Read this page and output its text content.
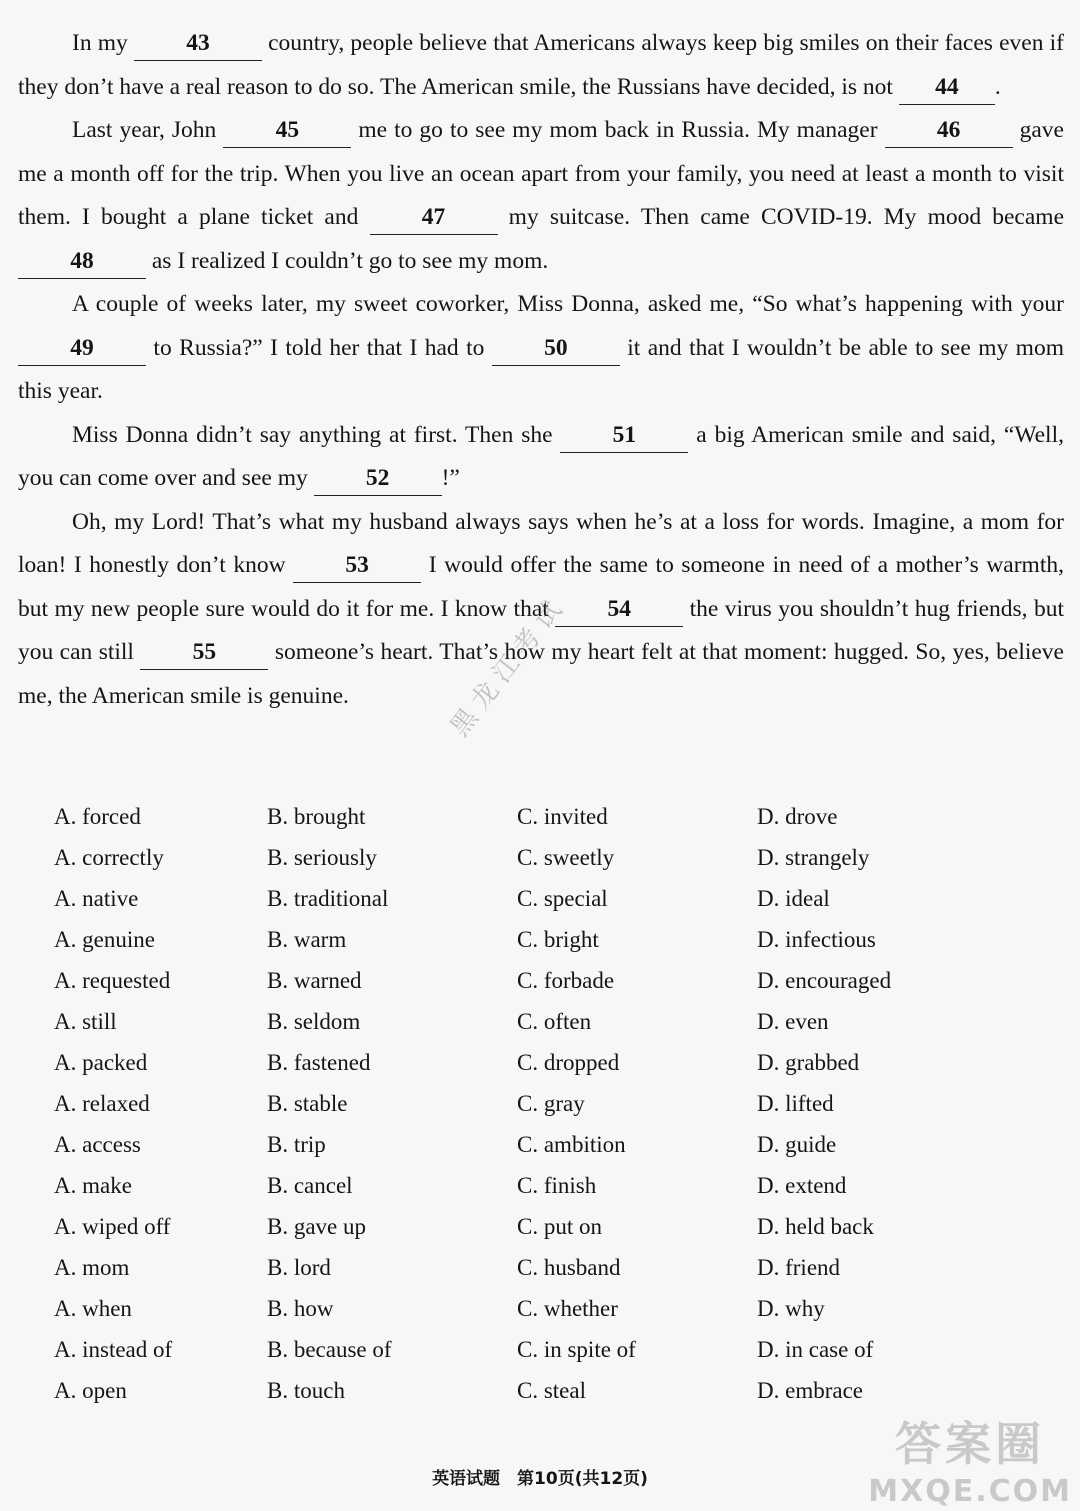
In my 43 country, people believe that Americans always keep big smiles on their faces even if they don’t have a real reason to do so. The American smile, the Russians have decided, is not 44 .

Last year, John 45 me to go to see my mom back in Russia. My manager 46 gave me a month off for the trip. When you live an ocean apart from your family, you need at least a month to visit them. I bought a plane ticket and 47 my suitcase. Then came COVID-19. My mood became 48 as I realized I couldn’t go to see my mom.

A couple of weeks later, my sweet coworker, Miss Donna, asked me, “So what’s happening with your 49 to Russia?” I told her that I had to 50 it and that I wouldn’t be able to see my mom this year.

Miss Donna didn’t say anything at first. Then she 51 a big American smile and said, “Well, you can come over and see my 52 !”

Oh, my Lord! That’s what my husband always says when he’s at a loss for words. Imagine, a mom for loan! I honestly don’t know 53 I would offer the same to someone in need of a mother’s warmth, but my new people sure would do it for me. I know that 54 the virus you shouldn’t hug friends, but you can still 55 someone’s heart. That’s how my heart felt at that moment: hugged. So, yes, believe me, the American smile is genuine.

A. forced	B. brought	C. invited	D. drove
A. correctly	B. seriously	C. sweetly	D. strangely
A. native	B. traditional	C. special	D. ideal
A. genuine	B. warm	C. bright	D. infectious
A. requested	B. warned	C. forbade	D. encouraged
A. still	B. seldom	C. often	D. even
A. packed	B. fastened	C. dropped	D. grabbed
A. relaxed	B. stable	C. gray	D. lifted
A. access	B. trip	C. ambition	D. guide
A. make	B. cancel	C. finish	D. extend
A. wiped off	B. gave up	C. put on	D. held back
A. mom	B. lord	C. husband	D. friend
A. when	B. how	C. whether	D. why
A. instead of	B. because of	C. in spite of	D. in case of
A. open	B. touch	C. steal	D. embrace
黑龙江考试
英语试题　第10页(共12页)
答案圈
MXQE.COM
